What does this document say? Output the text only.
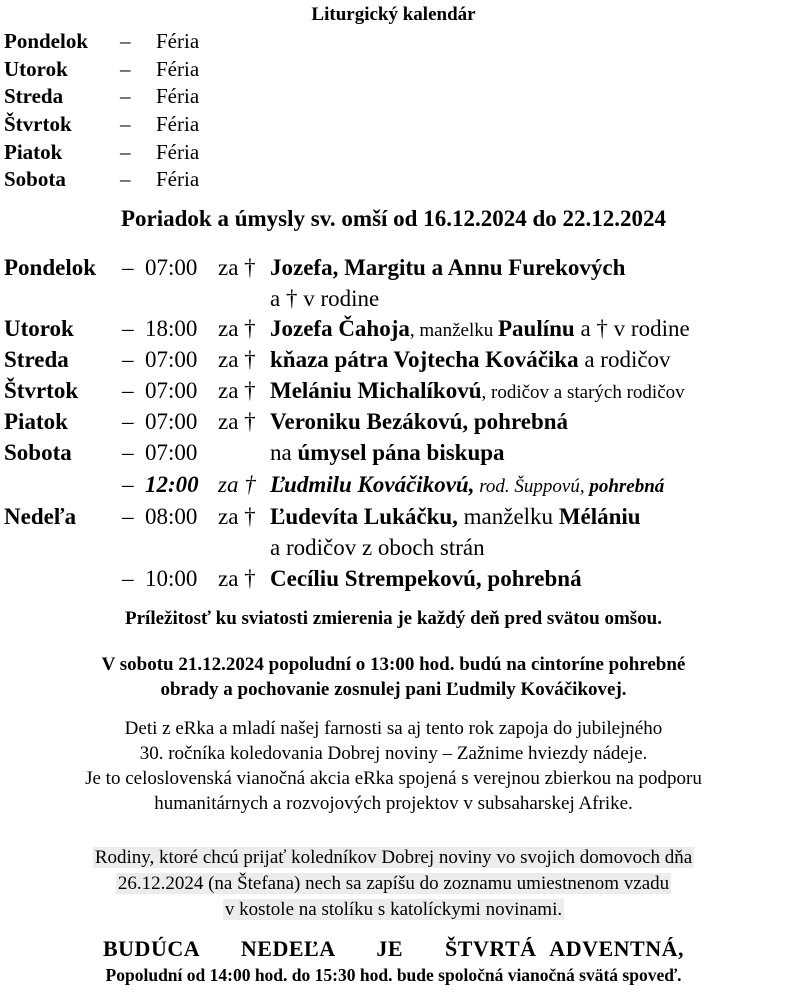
Liturgický kalendár
Pondelok – Féria
Utorok – Féria
Streda	– Féria
Štvrtok – Féria
Piatok	– Féria
Sobota	– Féria
Poriadok a úmysly sv. omší od 16.12.2024 do 22.12.2024
Pondelok – 07:00 za † Jozefa, Margitu a Annu Furekových
a † v rodine
Utorok – 18:00 za † Jozefa Čahoja, manželku Paulínu a † v rodine
Streda – 07:00 za † kňaza pátra Vojtecha Kováčika a rodičov
Štvrtok – 07:00 za † Melániu Michalíkovú, rodičov a starých rodičov
Piatok – 07:00 za † Veroniku Bezákovú, pohrebná
Sobota – 07:00	na úmysel pána biskupa
– 12:00 za † Ľudmilu Kováčikovú, rod. Šuppovú, pohrebná
Nedeľa – 08:00 za † Ľudevíta Lukáčku, manželku Mélániu
a rodičov z oboch strán
– 10:00 za † Cecíliu Strempekovú, pohrebná
Príležitosť ku sviatosti zmierenia je každý deň pred svätou omšou.
V sobotu 21.12.2024 popoludní o 13:00 hod. budú na cintoríne pohrebné
obrady a pochovanie zosnulej pani Ľudmily Kováčikovej.
Deti z eRka a mladí našej farnosti sa aj tento rok zapoja do jubilejného
30. ročníka koledovania Dobrej noviny – Zažnime hviezdy nádeje.
Je to celoslovenská vianočná akcia eRka spojená s verejnou zbierkou na podporu
humanitárnych a rozvojových projektov v subsaharskej Afrike.
Rodiny, ktoré chcú prijať koledníkov Dobrej noviny vo svojich domovoch dňa
26.12.2024 (na Štefana) nech sa zapíšu do zoznamu umiestnenom vzadu
v kostole na stolíku s katolíckymi novinami.
BUDÚCA   NEDEĽA   JE   ŠTVRTÁ ADVENTNÁ,
Popoludní od 14:00 hod. do 15:30 hod. bude spoločná vianočná svätá spoveď.
